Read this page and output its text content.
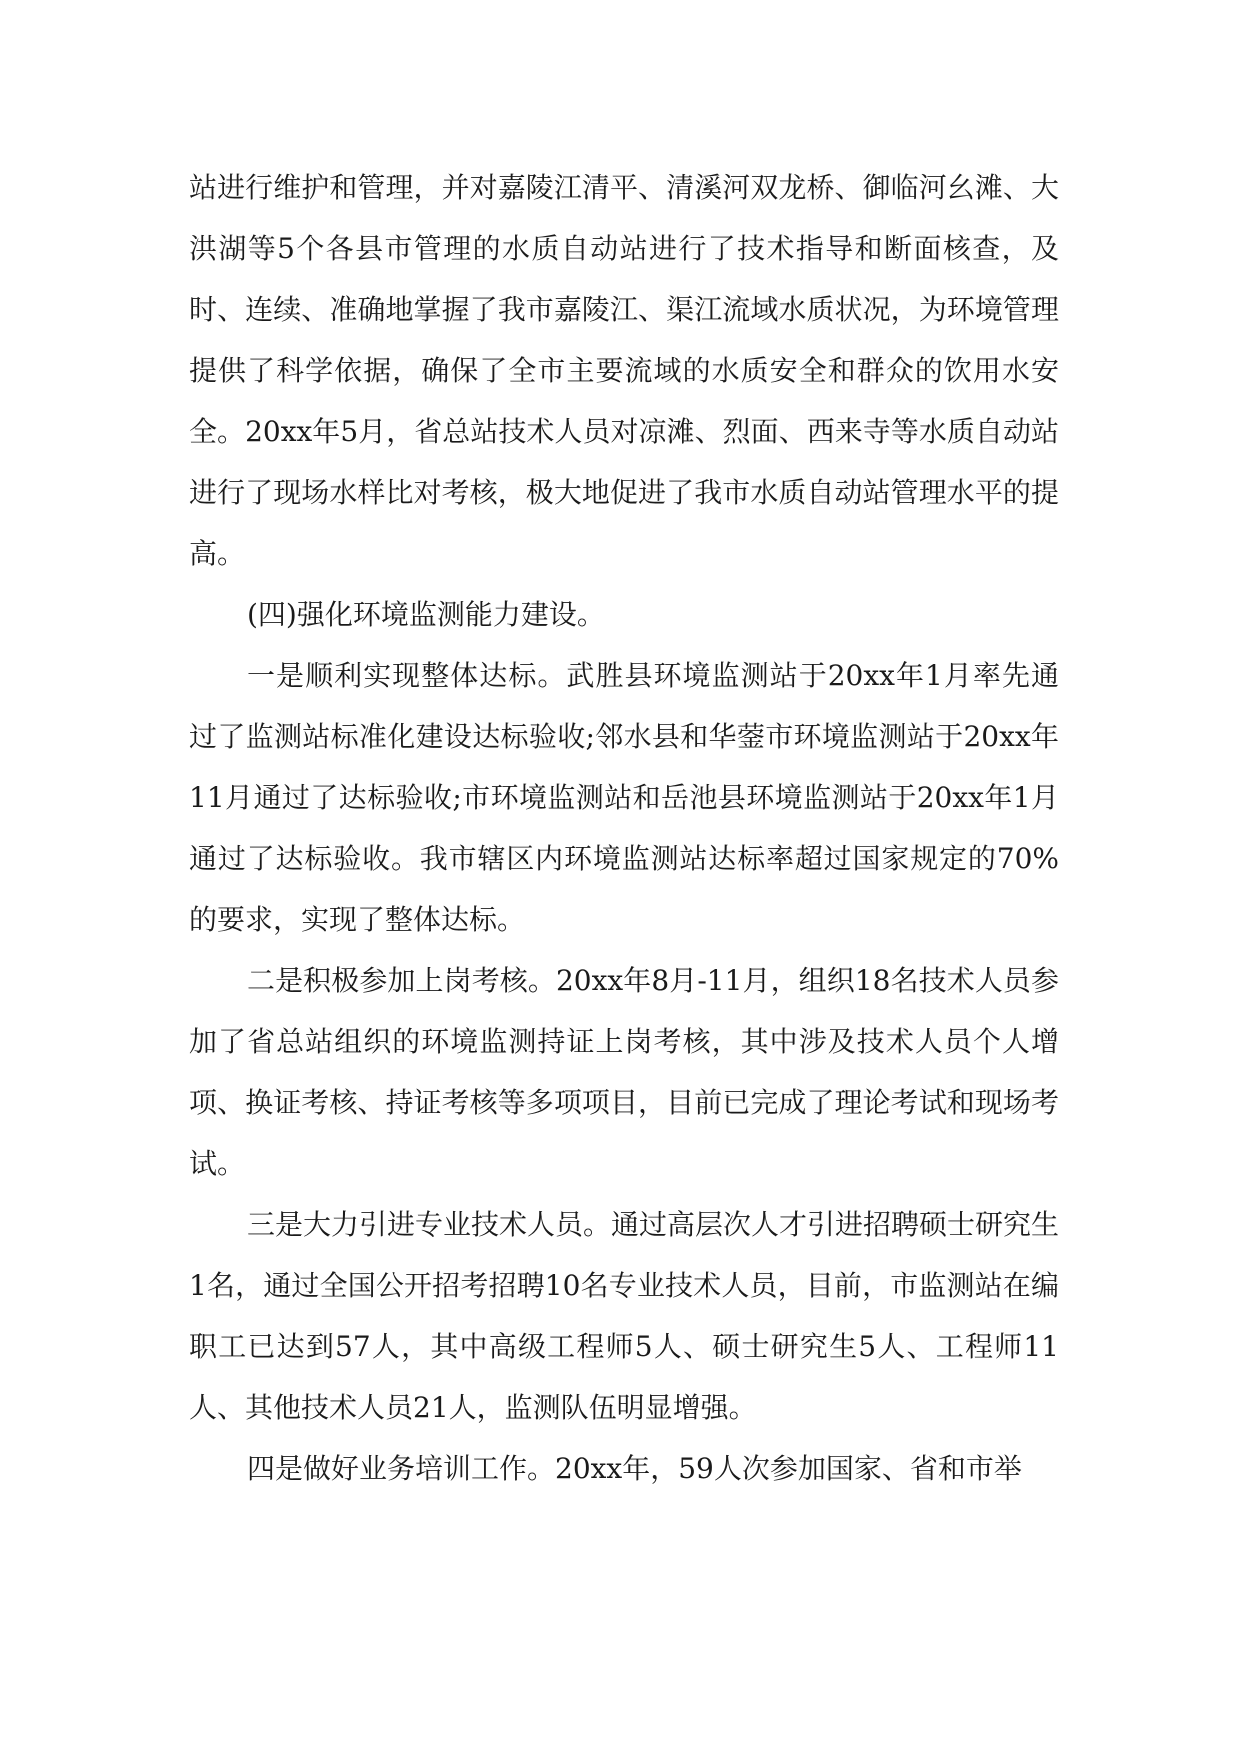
站进行维护和管理，并对嘉陵江清平、清溪河双龙桥、御临河幺滩、大洪湖等5个各县市管理的水质自动站进行了技术指导和断面核查，及时、连续、准确地掌握了我市嘉陵江、渠江流域水质状况，为环境管理提供了科学依据，确保了全市主要流域的水质安全和群众的饮用水安全。20xx年5月，省总站技术人员对凉滩、烈面、西来寺等水质自动站进行了现场水样比对考核，极大地促进了我市水质自动站管理水平的提高。

(四)强化环境监测能力建设。

一是顺利实现整体达标。武胜县环境监测站于20xx年1月率先通过了监测站标准化建设达标验收;邻水县和华蓥市环境监测站于20xx年11月通过了达标验收;市环境监测站和岳池县环境监测站于20xx年1月通过了达标验收。我市辖区内环境监测站达标率超过国家规定的70%的要求，实现了整体达标。

二是积极参加上岗考核。20xx年8月-11月，组织18名技术人员参加了省总站组织的环境监测持证上岗考核，其中涉及技术人员个人增项、换证考核、持证考核等多项项目，目前已完成了理论考试和现场考试。

三是大力引进专业技术人员。通过高层次人才引进招聘硕士研究生1名，通过全国公开招考招聘10名专业技术人员，目前，市监测站在编职工已达到57人，其中高级工程师5人、硕士研究生5人、工程师11人、其他技术人员21人，监测队伍明显增强。

四是做好业务培训工作。20xx年，59人次参加国家、省和市举
